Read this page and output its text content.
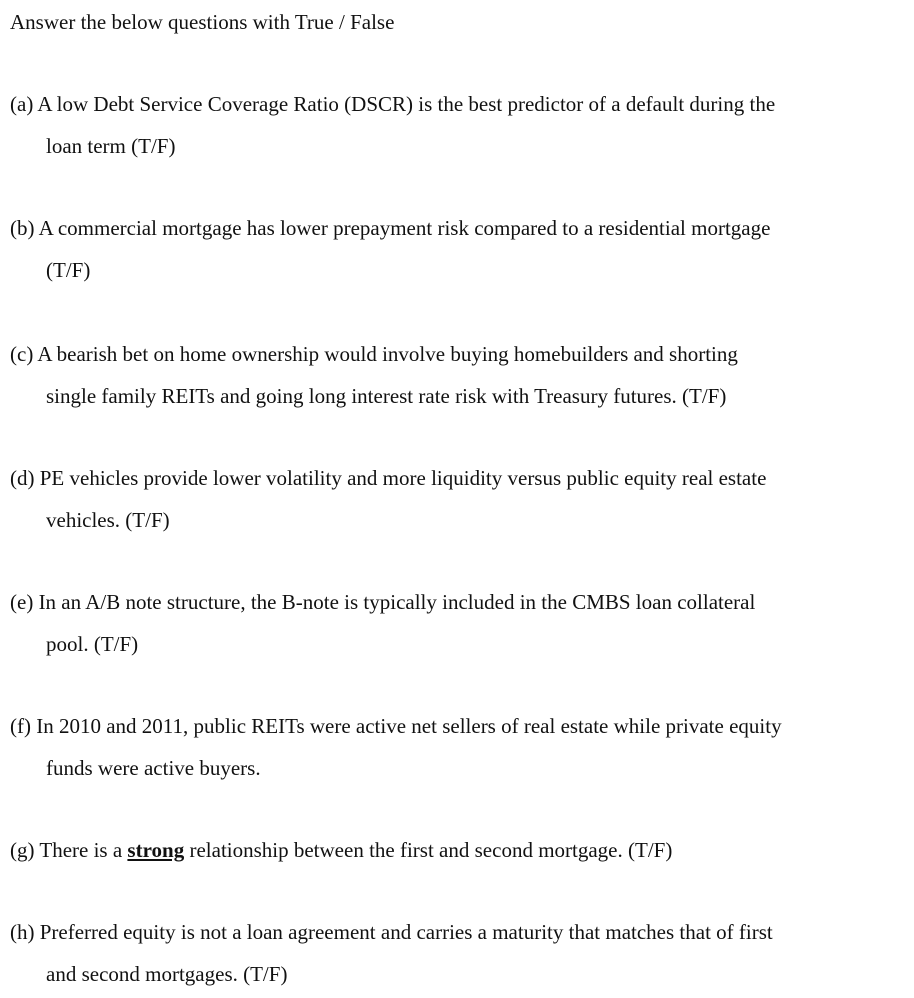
Answer the below questions with True / False
(a) A low Debt Service Coverage Ratio (DSCR) is the best predictor of a default during the
loan term (T/F)
(b) A commercial mortgage has lower prepayment risk compared to a residential mortgage
(T/F)
(c) A bearish bet on home ownership would involve buying homebuilders and shorting
single family REITs and going long interest rate risk with Treasury futures. (T/F)
(d) PE vehicles provide lower volatility and more liquidity versus public equity real estate
vehicles. (T/F)
(e) In an A/B note structure, the B-note is typically included in the CMBS loan collateral
pool. (T/F)
(f) In 2010 and 2011, public REITs were active net sellers of real estate while private equity
funds were active buyers.
(g) There is a strong relationship between the first and second mortgage. (T/F)
(h) Preferred equity is not a loan agreement and carries a maturity that matches that of first
and second mortgages. (T/F)
